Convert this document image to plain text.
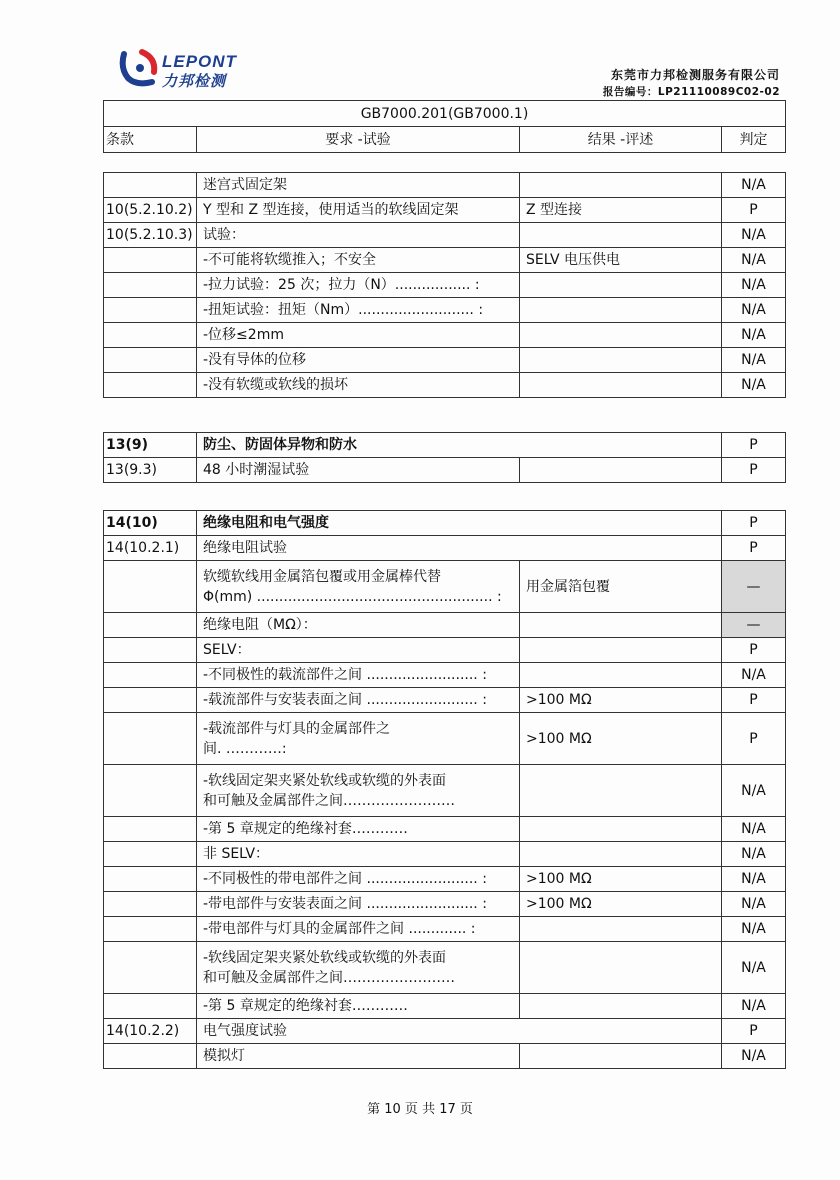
LEPONT
力邦检测	东莞市力邦检测服务有限公司
报告编号：LP21110089C02-02
GB7000.201(GB7000.1)
条款	要求 -试验	结果 -评述	判定
	迷宫式固定架		N/A
10(5.2.10.2)	Y 型和 Z 型连接，使用适当的软线固定架	Z 型连接	P
10(5.2.10.3)	试验：		N/A
	-不可能将软缆推入；不安全	SELV 电压供电	N/A
	-拉力试验：25 次；拉力（N）................. :		N/A
	-扭矩试验：扭矩（Nm）.......................... :		N/A
	-位移≤2mm		N/A
	-没有导体的位移		N/A
	-没有软缆或软线的损坏		N/A
13(9)	防尘、防固体异物和防水		P
13(9.3)	48 小时潮湿试验		P
14(10)	绝缘电阻和电气强度		P
14(10.2.1)	绝缘电阻试验		P

	软缆软线用金属箔包覆或用金属棒代替
Φ(mm) ..................................................... :	用金属箔包覆	—
	绝缘电阻（MΩ）：		—
	SELV：		P
	-不同极性的载流部件之间 ......................... :		N/A
	-载流部件与安装表面之间 ......................... :	>100 MΩ	P

	-载流部件与灯具的金属部件之
间. …………:	>100 MΩ	P

	-软线固定架夹紧处软线或软缆的外表面
和可触及金属部件之间……………………		N/A
	-第 5 章规定的绝缘衬套…………		N/A
	非 SELV：		N/A
	-不同极性的带电部件之间 ......................... :	>100 MΩ	N/A
	-带电部件与安装表面之间 ......................... :	>100 MΩ	N/A
	-带电部件与灯具的金属部件之间 ............. :		N/A

	-软线固定架夹紧处软线或软缆的外表面
和可触及金属部件之间……………………		N/A
	-第 5 章规定的绝缘衬套…………		N/A
14(10.2.2)	电气强度试验		P
	模拟灯		N/A
第 10 页 共 17 页
